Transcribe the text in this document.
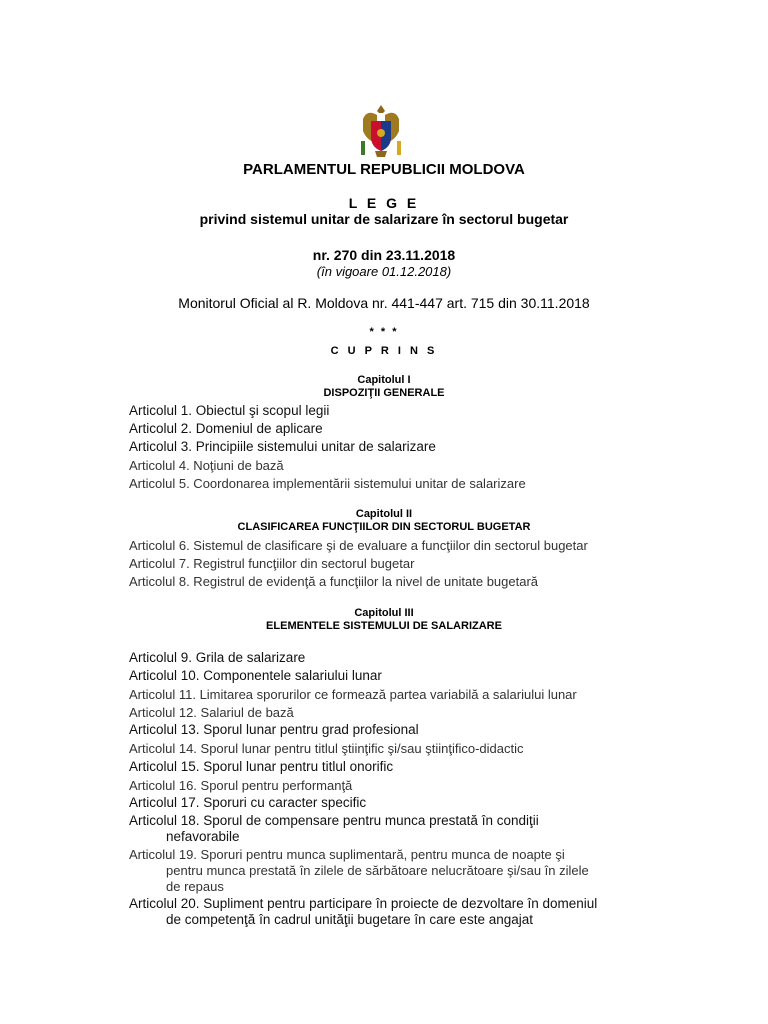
PARLAMENTUL REPUBLICII MOLDOVA
L E G E
privind sistemul unitar de salarizare în sectorul bugetar
nr. 270 din 23.11.2018
(în vigoare 01.12.2018)
Monitorul Oficial al R. Moldova nr. 441-447 art. 715 din 30.11.2018
* * *
C U P R I N S
Capitolul I
DISPOZIŢII GENERALE
Articolul 1. Obiectul şi scopul legii
Articolul 2. Domeniul de aplicare
Articolul 3. Principiile sistemului unitar de salarizare
Articolul 4. Noţiuni de bază
Articolul 5. Coordonarea implementării sistemului unitar de salarizare
Capitolul II
CLASIFICAREA FUNCŢIILOR DIN SECTORUL BUGETAR
Articolul 6. Sistemul de clasificare şi de evaluare a funcţiilor din sectorul bugetar
Articolul 7. Registrul funcţiilor din sectorul bugetar
Articolul 8. Registrul de evidenţă a funcţiilor la nivel de unitate bugetară
Capitolul III
ELEMENTELE SISTEMULUI DE SALARIZARE
Articolul 9. Grila de salarizare
Articolul 10. Componentele salariului lunar
Articolul 11. Limitarea sporurilor ce formează partea variabilă a salariului lunar
Articolul 12. Salariul de bază
Articolul 13. Sporul lunar pentru grad profesional
Articolul 14. Sporul lunar pentru titlul ştiinţific şi/sau ştiinţifico-didactic
Articolul 15. Sporul lunar pentru titlul onorific
Articolul 16. Sporul pentru performanţă
Articolul 17. Sporuri cu caracter specific
Articolul 18. Sporul de compensare pentru munca prestată în condiţii
nefavorabile
Articolul 19. Sporuri pentru munca suplimentară, pentru munca de noapte şi
pentru munca prestată în zilele de sărbătoare nelucrătoare şi/sau în zilele
de repaus
Articolul 20. Supliment pentru participare în proiecte de dezvoltare în domeniul
de competenţă în cadrul unităţii bugetare în care este angajat
